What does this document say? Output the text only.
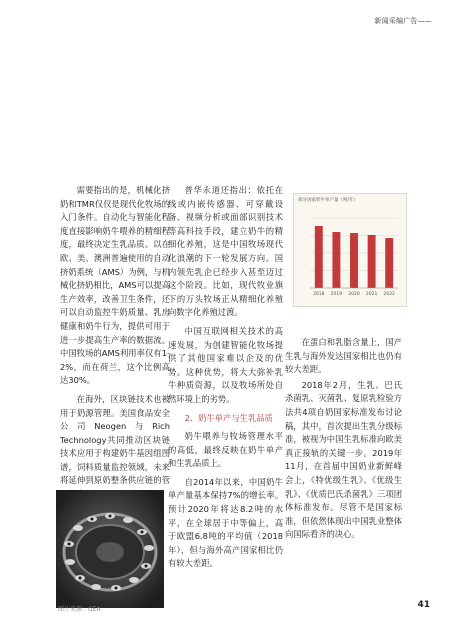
新闻采编广告——

需要指出的是，机械化挤奶和TMR仅仅是现代化牧场的入门条件。自动化与智能化程度直接影响奶牛喂养的精细程度，最终决定生乳品质。以在欧、美、澳洲普遍使用的自动挤奶系统（AMS）为例，与机械化挤奶相比，AMS可以提高生产效率，改善卫生条件，还可以自动监控牛奶质量、乳房健康和奶牛行为，提供可用于进一步提高生产率的数据流。中国牧场的AMS利用率仅有1-2%，而在荷兰，这个比例高达30%。

在海外，区块链技术也被用于奶源管理。美国食品安全公司Neogen与Rich Technology共同推动区块链技术应用于构建奶牛基因组图谱，饲料质量监控领域，未来将延伸到原奶整条供应链的管

普华永道还指出：依托在线或内嵌传感器、可穿戴设备、视频分析或面部识别技术等高科技手段，建立奶牛的精细化养殖，这是中国牧场现代化浪潮的下一轮发展方向。国内领先乳企已经步入甚至迈过这个阶段。比如，现代牧业旗下的万头牧场正从精细化养殖向数字化养殖过渡。

中国互联网相关技术的高速发展，为创建智能化牧场提供了其他国家难以企及的优势。这种优势，将大大弥补乳牛种质资源，以及牧场所处自然环境上的劣势。

2、奶牛单产与生乳品质

奶牛喂养与牧场管理水平的高低，最终反映在奶牛单产和生乳品质上。

自2014年以来，中国奶牛单产量基本保持7%的增长率。预计2020年将达8.2吨的水平，在全球居于中等偏上，高于欧盟6.8吨的平均值（2018年），但与海外高产国家相比仍有较大差距。

在蛋白和乳脂含量上，国产生乳与海外发达国家相比也仍有较大差距。

2018年2月，生乳、巴氏杀菌乳、灭菌乳、复原乳检验方法共4项自奶国家标准发布讨论稿，其中，首次提出生乳分级标准，被视为中国生乳标准向欧美真正接轨的关键一步。2019年11月，在首届中国奶业新鲜峰会上，《特优级生乳》、《优级生乳》、《优质巴氏杀菌乳》三项团体标准发布。尽管不是国家标准，但依然体现出中国乳业整体向国际看齐的决心。

部分国家奶牛单产量（吨/年）
2018 2019 2020 2021 2022
图片来源：GEA	41
